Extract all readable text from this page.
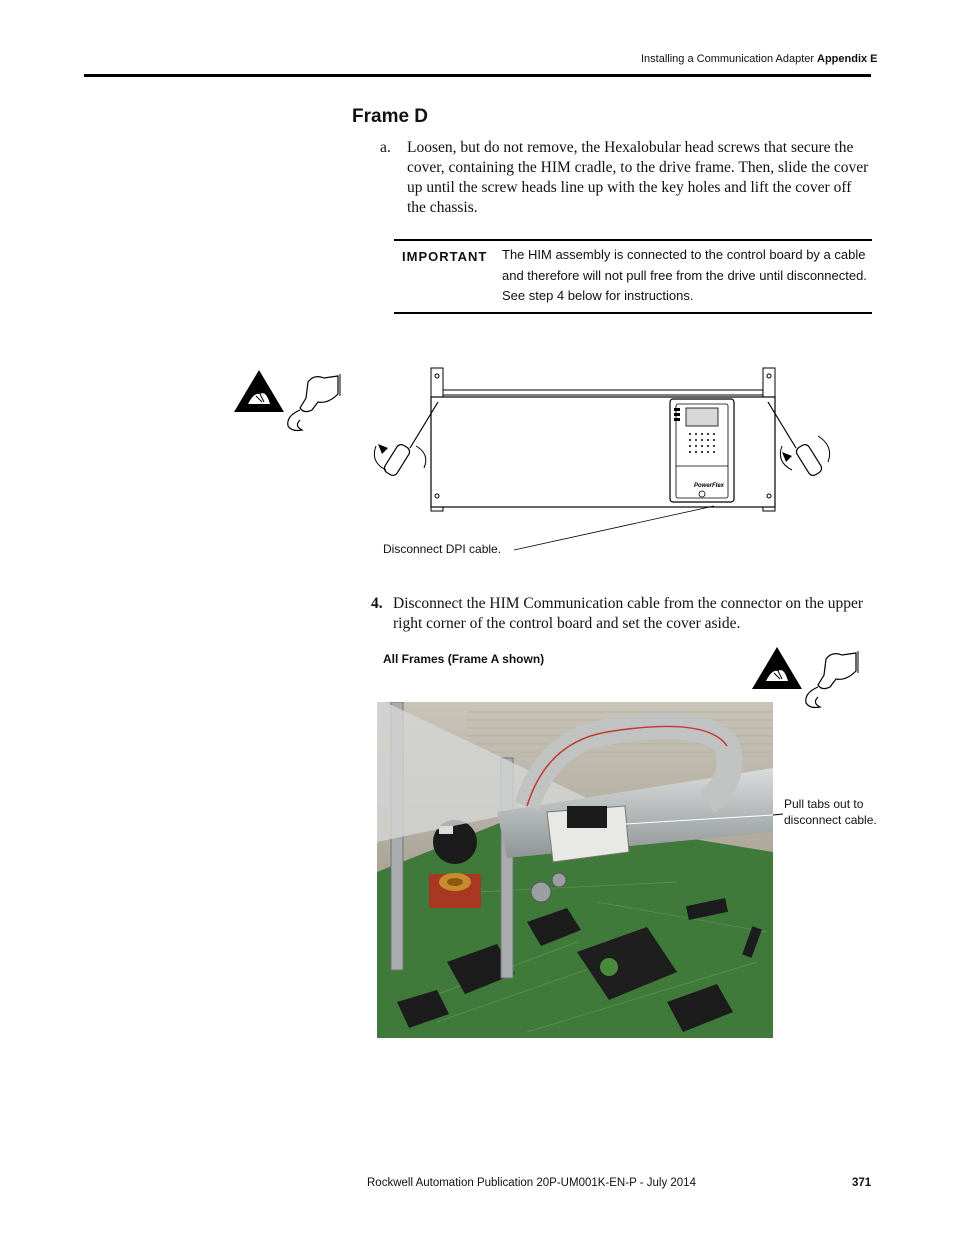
Installing a Communication Adapter Appendix E
Frame D
a. Loosen, but do not remove, the Hexalobular head screws that secure the cover, containing the HIM cradle, to the drive frame. Then, slide the cover up until the screw heads line up with the key holes and lift the cover off the chassis.
IMPORTANT The HIM assembly is connected to the control board by a cable and therefore will not pull free from the drive until disconnected. See step 4 below for instructions.
PowerFlex
Disconnect DPI cable.
4. Disconnect the HIM Communication cable from the connector on the upper right corner of the control board and set the cover aside.
All Frames (Frame A shown)
Pull tabs out to
disconnect cable.
Rockwell Automation Publication 20P-UM001K-EN-P - July 2014	371
